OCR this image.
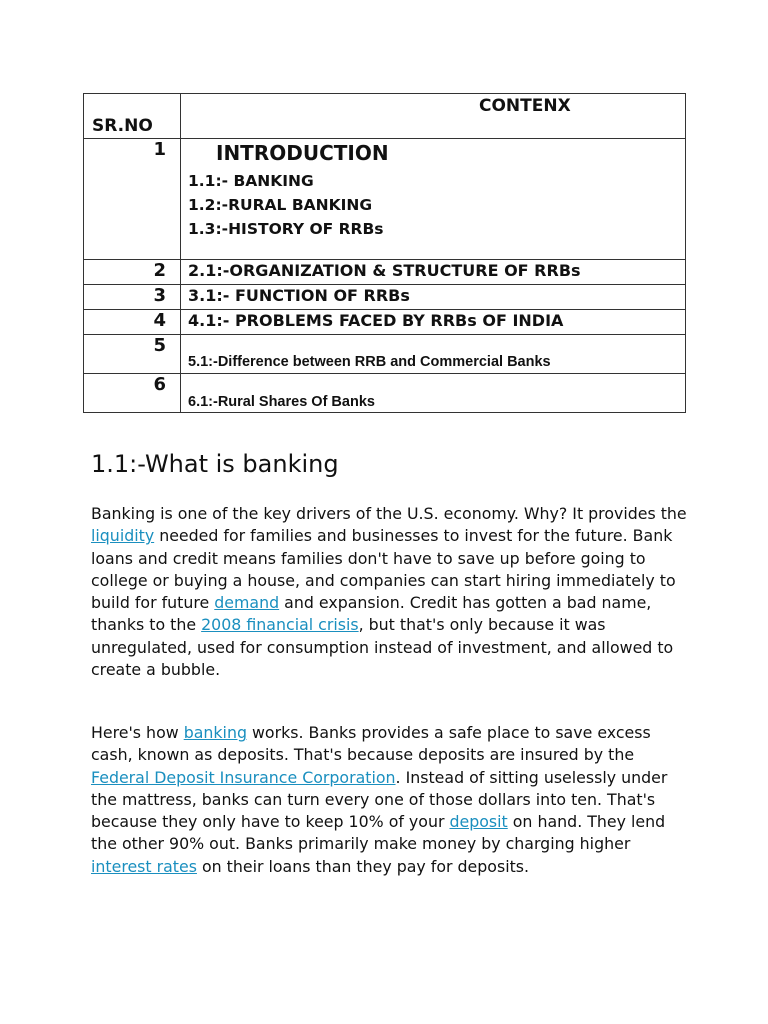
SR.NO	CONTENX

1	INTRODUCTION
1.1:- BANKING
1.2:-RURAL BANKING
1.3:-HISTORY OF RRBs

2	2.1:-ORGANIZATION & STRUCTURE OF RRBs

3	3.1:- FUNCTION OF RRBs

4	4.1:- PROBLEMS FACED BY RRBs OF INDIA

5	5.1:-Difference between RRB and Commercial Banks

6	6.1:-Rural Shares Of Banks
1.1:-What is banking

Banking is one of the key drivers of the U.S. economy. Why? It provides the liquidity needed for families and businesses to invest for the future. Bank loans and credit means families don't have to save up before going to college or buying a house, and companies can start hiring immediately to build for future demand and expansion. Credit has gotten a bad name, thanks to the 2008 financial crisis, but that's only because it was unregulated, used for consumption instead of investment, and allowed to create a bubble.

Here's how banking works. Banks provides a safe place to save excess cash, known as deposits. That's because deposits are insured by the Federal Deposit Insurance Corporation. Instead of sitting uselessly under the mattress, banks can turn every one of those dollars into ten. That's because they only have to keep 10% of your deposit on hand. They lend the other 90% out. Banks primarily make money by charging higher interest rates on their loans than they pay for deposits.
